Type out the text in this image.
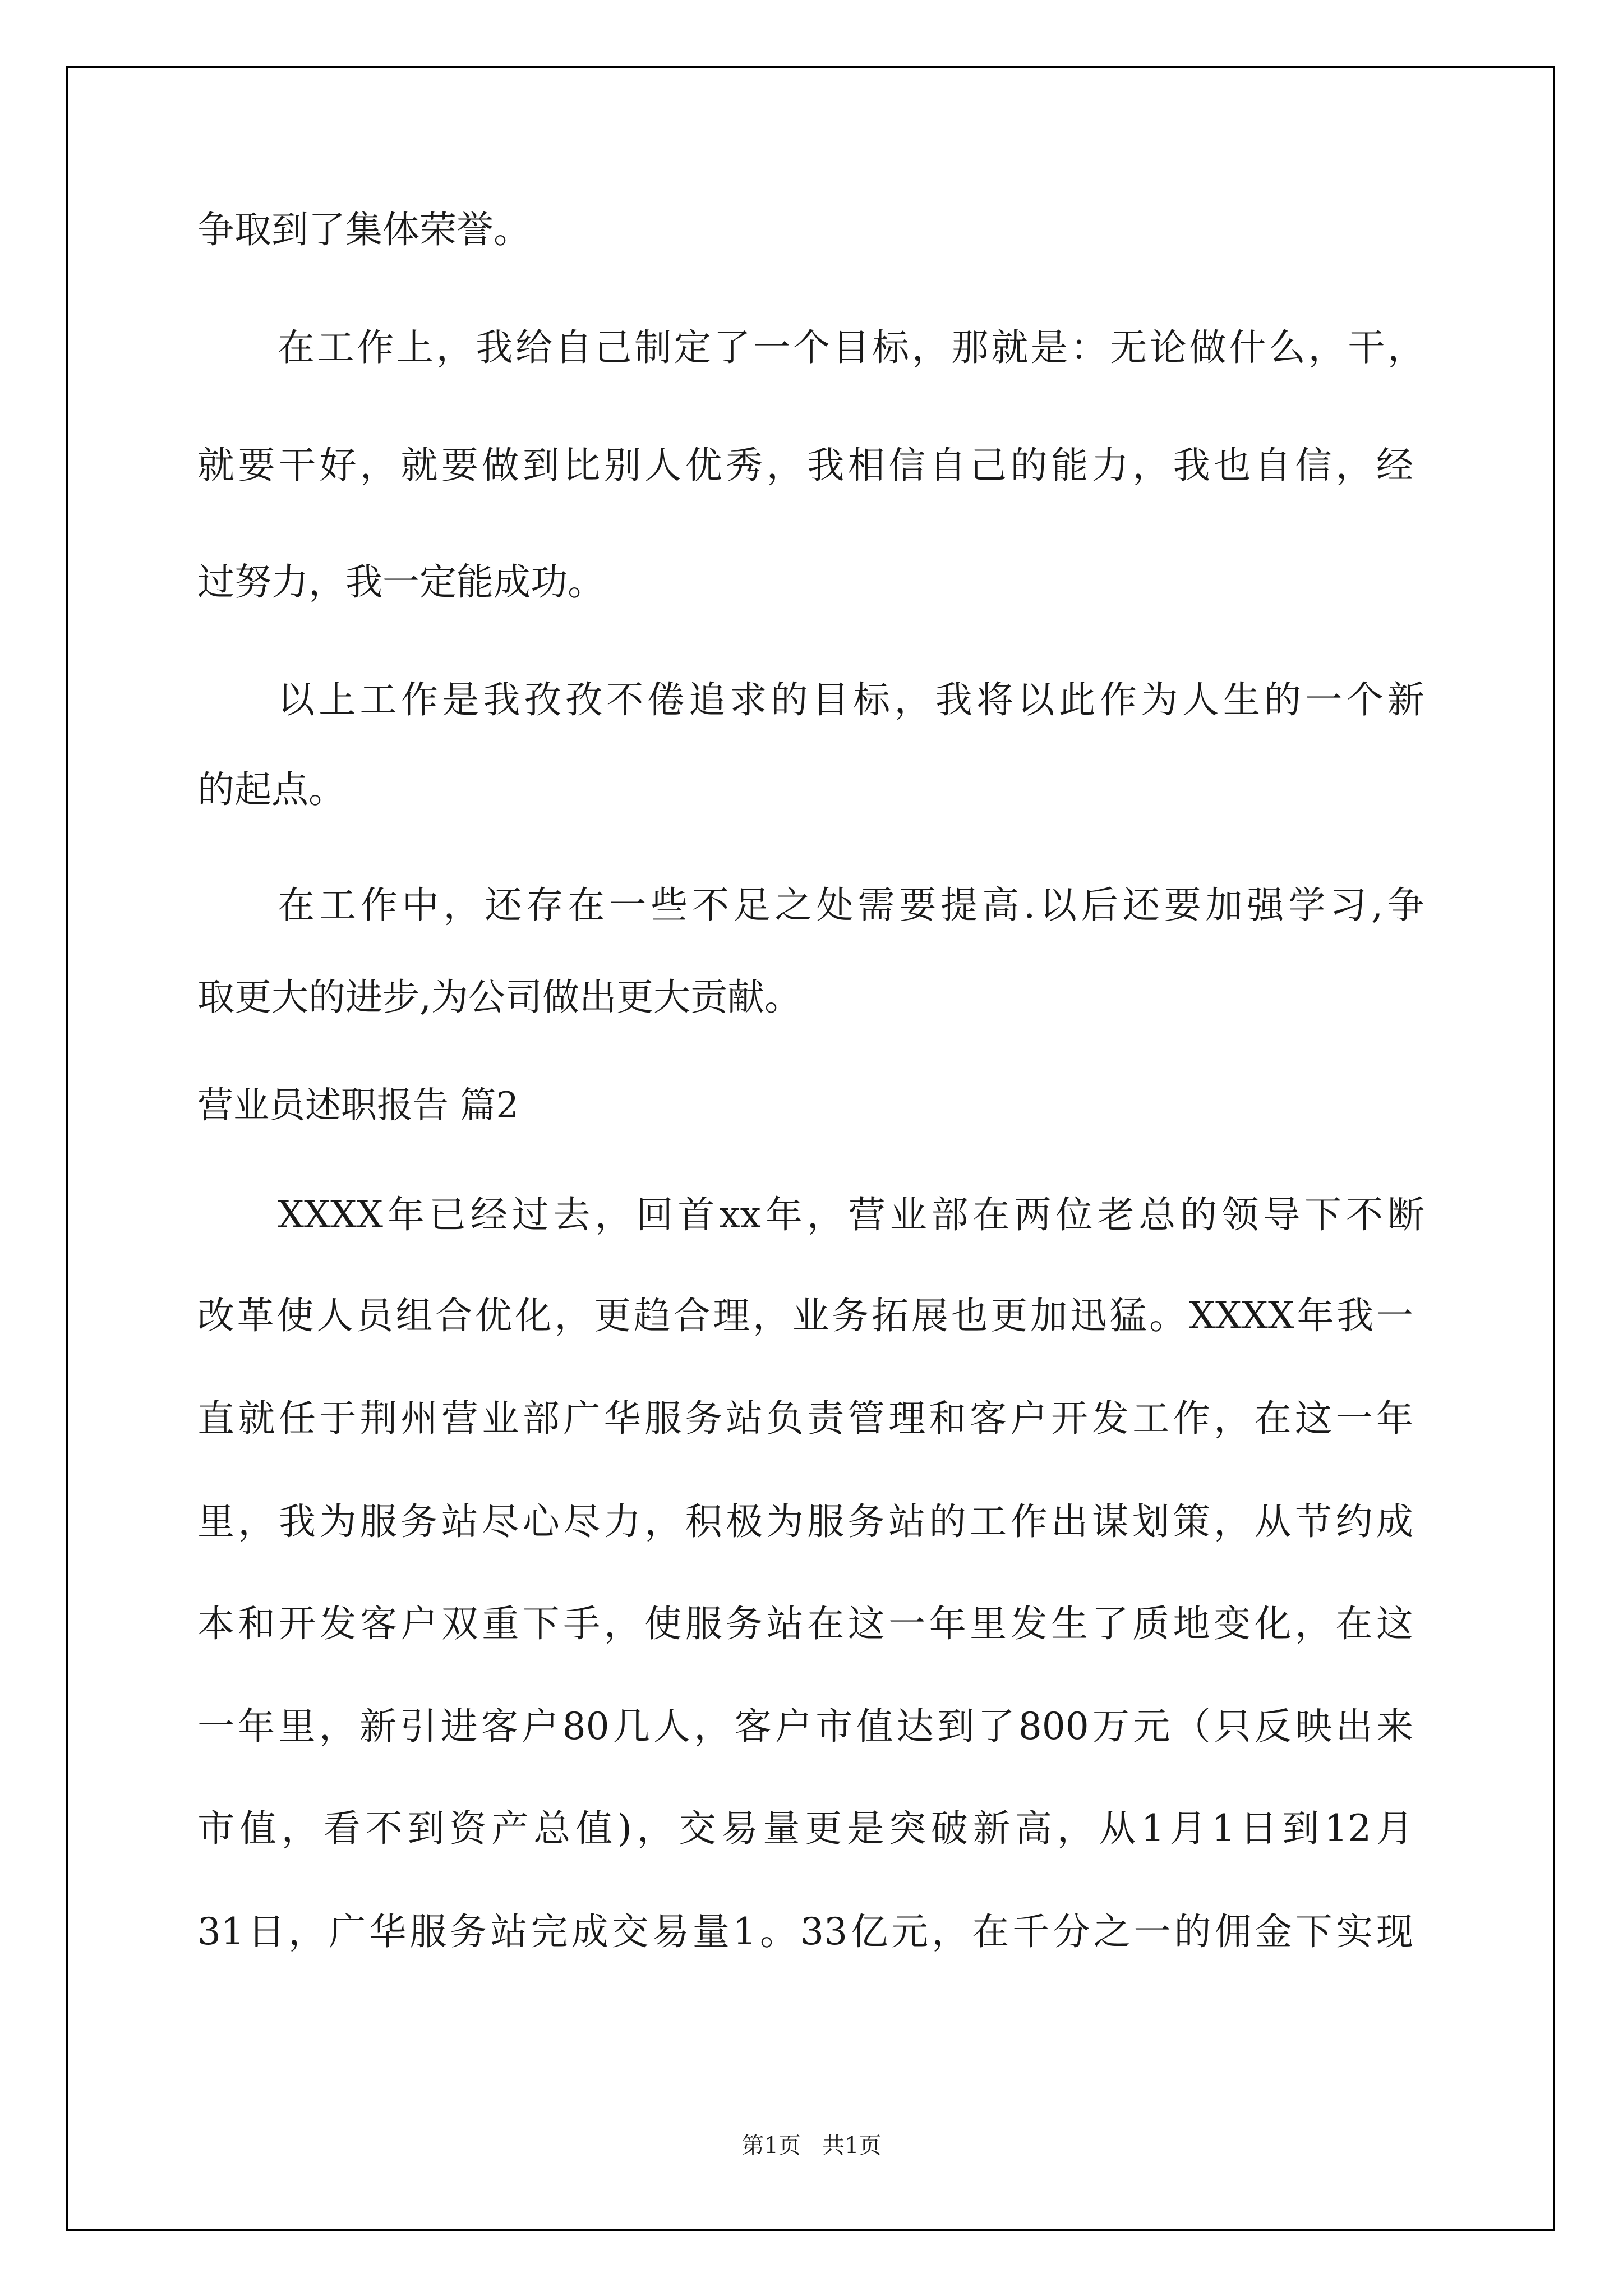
争取到了集体荣誉。
在工作上，我给自己制定了一个目标，那就是：无论做什么，干，
就要干好，就要做到比别人优秀，我相信自己的能力，我也自信，经
过努力，我一定能成功。
以上工作是我孜孜不倦追求的目标，我将以此作为人生的一个新
的起点。
在工作中，还存在一些不足之处需要提高.以后还要加强学习,争
取更大的进步,为公司做出更大贡献。
营业员述职报告 篇2
XXXX年已经过去，回首xx年，营业部在两位老总的领导下不断
改革使人员组合优化，更趋合理，业务拓展也更加迅猛。XXXX年我一
直就任于荆州营业部广华服务站负责管理和客户开发工作，在这一年
里，我为服务站尽心尽力，积极为服务站的工作出谋划策，从节约成
本和开发客户双重下手，使服务站在这一年里发生了质地变化，在这
一年里，新引进客户80几人，客户市值达到了800万元（只反映出来
市值，看不到资产总值)，交易量更是突破新高，从1月1日到12月
31日，广华服务站完成交易量1。33亿元，在千分之一的佣金下实现
第1页   共1页
